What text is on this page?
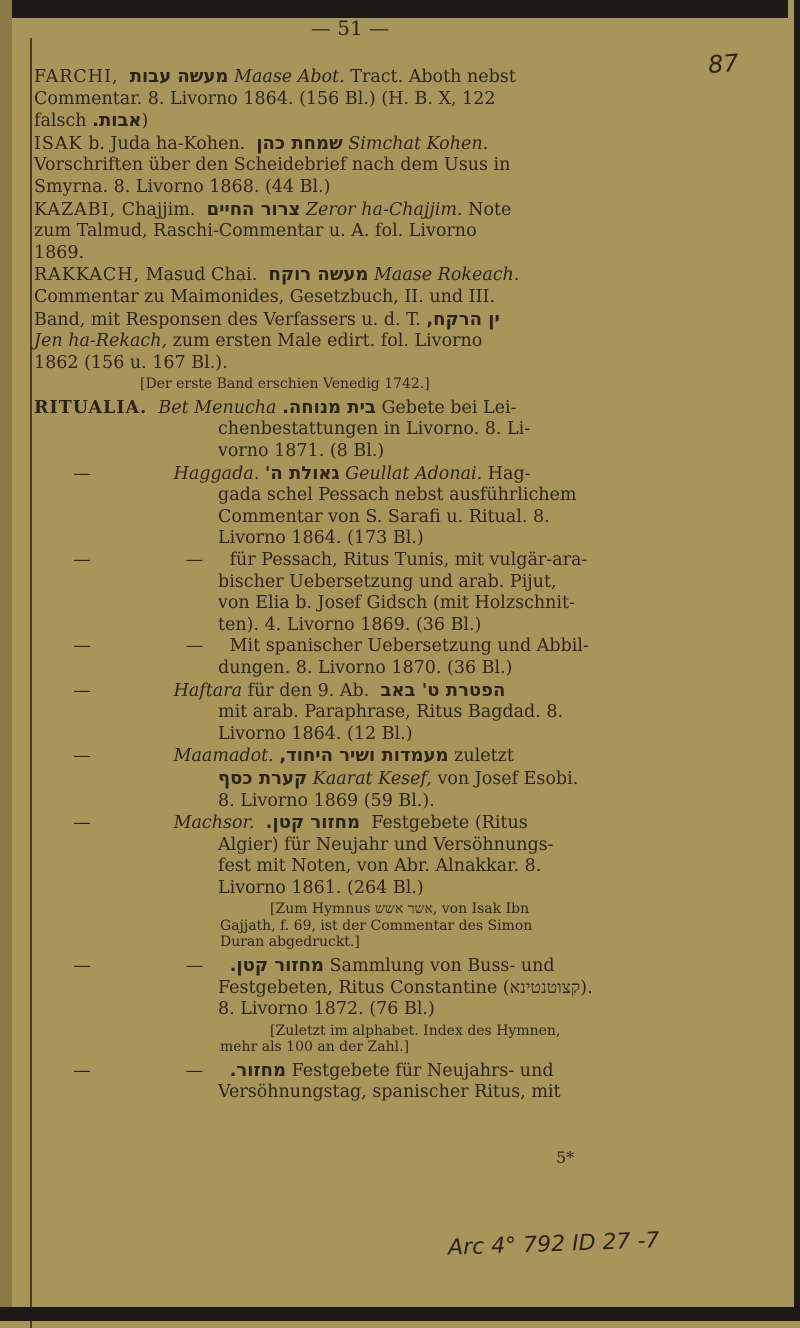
— 51 —
87

FARCHI, מעשה עבות Maase Abot. Tract. Aboth nebst
Commentar. 8. Livorno 1864. (156 Bl.) (H. B. X, 122
falsch אבות.)

ISAK b. Juda ha-Kohen. שמחת כהן Simchat Kohen.
Vorschriften über den Scheidebrief nach dem Usus in
Smyrna. 8. Livorno 1868. (44 Bl.)

KAZABI, Chajjim. צרור החיים Zeror ha-Chajjim. Note
zum Talmud, Raschi-Commentar u. A. fol. Livorno
1869.

RAKKACH, Masud Chai. מעשה רוקח Maase Rokeach.
Commentar zu Maimonides, Gesetzbuch, II. und III.
Band, mit Responsen des Verfassers u. d. T. ין הרקח,
Jen ha-Rekach, zum ersten Male edirt. fol. Livorno
1862 (156 u. 167 Bl.).

[Der erste Band erschien Venedig 1742.]

RITUALIA. Bet Menucha בית מנוחה. Gebete bei Lei-
chenbestattungen in Livorno. 8. Li-
vorno 1871. (8 Bl.)

—	Haggada. גאולת ה' Geullat Adonai. Hag-
gada schel Pessach nebst ausführlichem
Commentar von S. Sarafi u. Ritual. 8.
Livorno 1864. (173 Bl.)

—	— für Pessach, Ritus Tunis, mit vulgär-ara-
bischer Uebersetzung und arab. Pijut,
von Elia b. Josef Gidsch (mit Holzschnit-
ten). 4. Livorno 1869. (36 Bl.)

—	— Mit spanischer Uebersetzung und Abbil-
dungen. 8. Livorno 1870. (36 Bl.)

—	Haftara für den 9. Ab. הפטרת ט' באב
mit arab. Paraphrase, Ritus Bagdad. 8.
Livorno 1864. (12 Bl.)

—	Maamadot. מעמדות ושיר היחוד, zuletzt
קערת כסף Kaarat Kesef, von Josef Esobi.
8. Livorno 1869 (59 Bl.).

—	Machsor. מחזור קטן. Festgebete (Ritus
Algier) für Neujahr und Versöhnungs-
fest mit Noten, von Abr. Alnakkar. 8.
Livorno 1861. (264 Bl.)

[Zum Hymnus אשר אשש, von Isak Ibn
Gajjath, f. 69, ist der Commentar des Simon
Duran abgedruckt.]

—	— מחזור קטן. Sammlung von Buss- und
Festgebeten, Ritus Constantine (קצוטנטינא).
8. Livorno 1872. (76 Bl.)

[Zuletzt im alphabet. Index des Hymnen,
mehr als 100 an der Zahl.]

—	— מחזור. Festgebete für Neujahrs- und
Versöhnungstag, spanischer Ritus, mit

5*
Arc 4° 792 ID 27 -7
